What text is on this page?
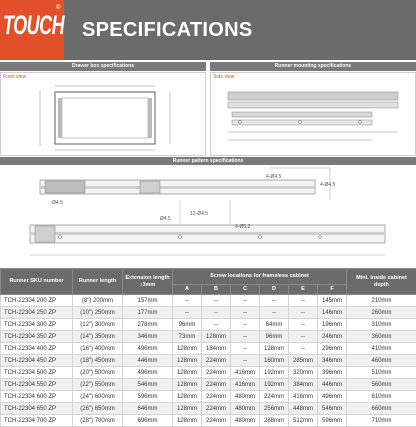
TOUCH
®
SPECIFICATIONS
Drawer box specifications	Runner mounting specifications
Front view	Side view
Runner pattern specifications
4-Ø4.5
4-Ø4.5
Ø4.5
Ø4.5
12-Ø4.5
4-Ø5.2
Runner SKU number	Runner length	Extension length ↕3mm	Screw locations for frameless cabinet						Mini. inside cabinet depth
			A	B	C	D	E	F	
TCH-22304 200 ZP	(8") 200mm	157mm	--	--	--	--	--	145mm	210mm
TCH-22304 250 ZP	(10") 250mm	177mm	--	--	--	--	--	146mm	260mm
TCH-22304 300 ZP	(12") 300mm	278mm	96mm	--	--	64mm	--	196mm	310mm
TCH-22304 350 ZP	(14") 350mm	346mm	73mm	128mm	--	96mm	--	246mm	360mm
TCH-22304 400 ZP	(16") 400mm	496mm	128mm	184mm	--	128mm	--	296mm	410mm
TCH-22304 450 ZP	(18") 450mm	446mm	128mm	224mm	--	160mm	285mm	346mm	460mm
TCH-22304 500 ZP	(20") 500mm	496mm	128mm	224mm	416mm	192mm	320mm	396mm	510mm
TCH-22304 550 ZP	(22") 550mm	546mm	128mm	224mm	416mm	192mm	384mm	446mm	560mm
TCH-22304 600 ZP	(24") 600mm	596mm	128mm	224mm	480mm	224mm	416mm	496mm	610mm
TCH-22304 650 ZP	(26") 650mm	646mm	128mm	224mm	480mm	256mm	448mm	546mm	660mm
TCH-22304 700 ZP	(28") 700mm	696mm	128mm	224mm	480mm	288mm	512mm	596mm	710mm
